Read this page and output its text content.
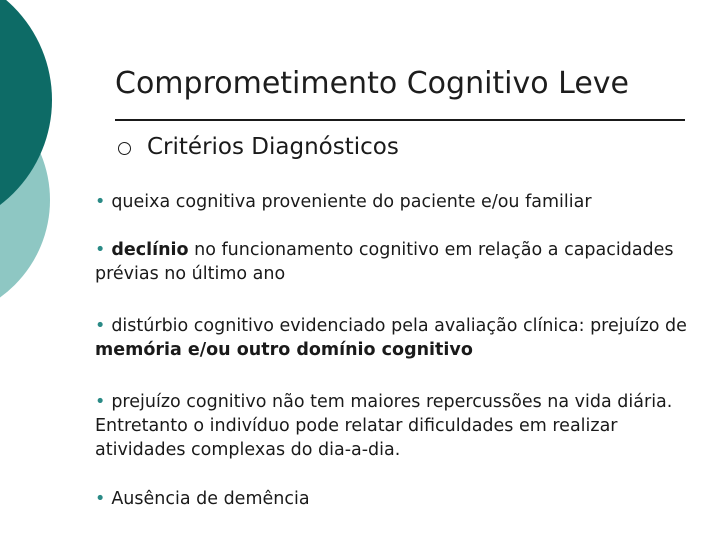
Comprometimento Cognitivo Leve
Critérios Diagnósticos
• queixa cognitiva proveniente do paciente e/ou familiar
• declínio no funcionamento cognitivo em relação a capacidades prévias no último ano
• distúrbio cognitivo evidenciado pela avaliação clínica: prejuízo de memória e/ou outro domínio cognitivo
• prejuízo cognitivo não tem maiores repercussões na vida diária. Entretanto o indivíduo pode relatar dificuldades em realizar atividades complexas do dia-a-dia.
• Ausência de demência
